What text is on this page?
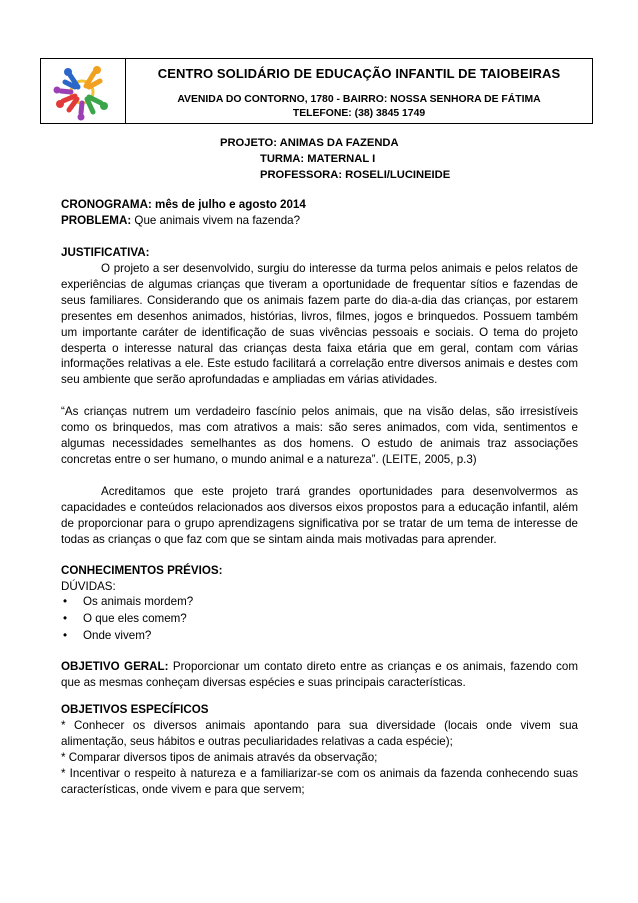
CENTRO SOLIDÁRIO DE EDUCAÇÃO INFANTIL DE TAIOBEIRAS
AVENIDA DO CONTORNO, 1780 - BAIRRO: NOSSA SENHORA DE FÁTIMA
TELEFONE: (38) 3845 1749
PROJETO: ANIMAS DA FAZENDA
TURMA: MATERNAL I
PROFESSORA: ROSELI/LUCINEIDE
CRONOGRAMA: mês de julho e agosto 2014
PROBLEMA: Que animais vivem na fazenda?
JUSTIFICATIVA:

O projeto a ser desenvolvido, surgiu do interesse da turma pelos animais e pelos relatos de experiências de algumas crianças que tiveram a oportunidade de frequentar sítios e fazendas de seus familiares. Considerando que os animais fazem parte do dia-a-dia das crianças, por estarem presentes em desenhos animados, histórias, livros, filmes, jogos e brinquedos. Possuem também um importante caráter de identificação de suas vivências pessoais e sociais. O tema do projeto desperta o interesse natural das crianças desta faixa etária que em geral, contam com várias informações relativas a ele. Este estudo facilitará a correlação entre diversos animais e destes com seu ambiente que serão aprofundadas e ampliadas em várias atividades.

“As crianças nutrem um verdadeiro fascínio pelos animais, que na visão delas, são irresistíveis como os brinquedos, mas com atrativos a mais: são seres animados, com vida, sentimentos e algumas necessidades semelhantes as dos homens. O estudo de animais traz associações concretas entre o ser humano, o mundo animal e a natureza”. (LEITE, 2005, p.3)

Acreditamos que este projeto trará grandes oportunidades para desenvolvermos as capacidades e conteúdos relacionados aos diversos eixos propostos para a educação infantil, além de proporcionar para o grupo aprendizagens significativa por se tratar de um tema de interesse de todas as crianças o que faz com que se sintam ainda mais motivadas para aprender.

CONHECIMENTOS PRÉVIOS:
DÚVIDAS:
• Os animais mordem?
• O que eles comem?
• Onde vivem?

OBJETIVO GERAL: Proporcionar um contato direto entre as crianças e os animais, fazendo com que as mesmas conheçam diversas espécies e suas principais características.

OBJETIVOS ESPECÍFICOS

* Conhecer os diversos animais apontando para sua diversidade (locais onde vivem sua alimentação, seus hábitos e outras peculiaridades relativas a cada espécie);

* Comparar diversos tipos de animais através da observação;

* Incentivar o respeito à natureza e a familiarizar-se com os animais da fazenda conhecendo suas características, onde vivem e para que servem;
